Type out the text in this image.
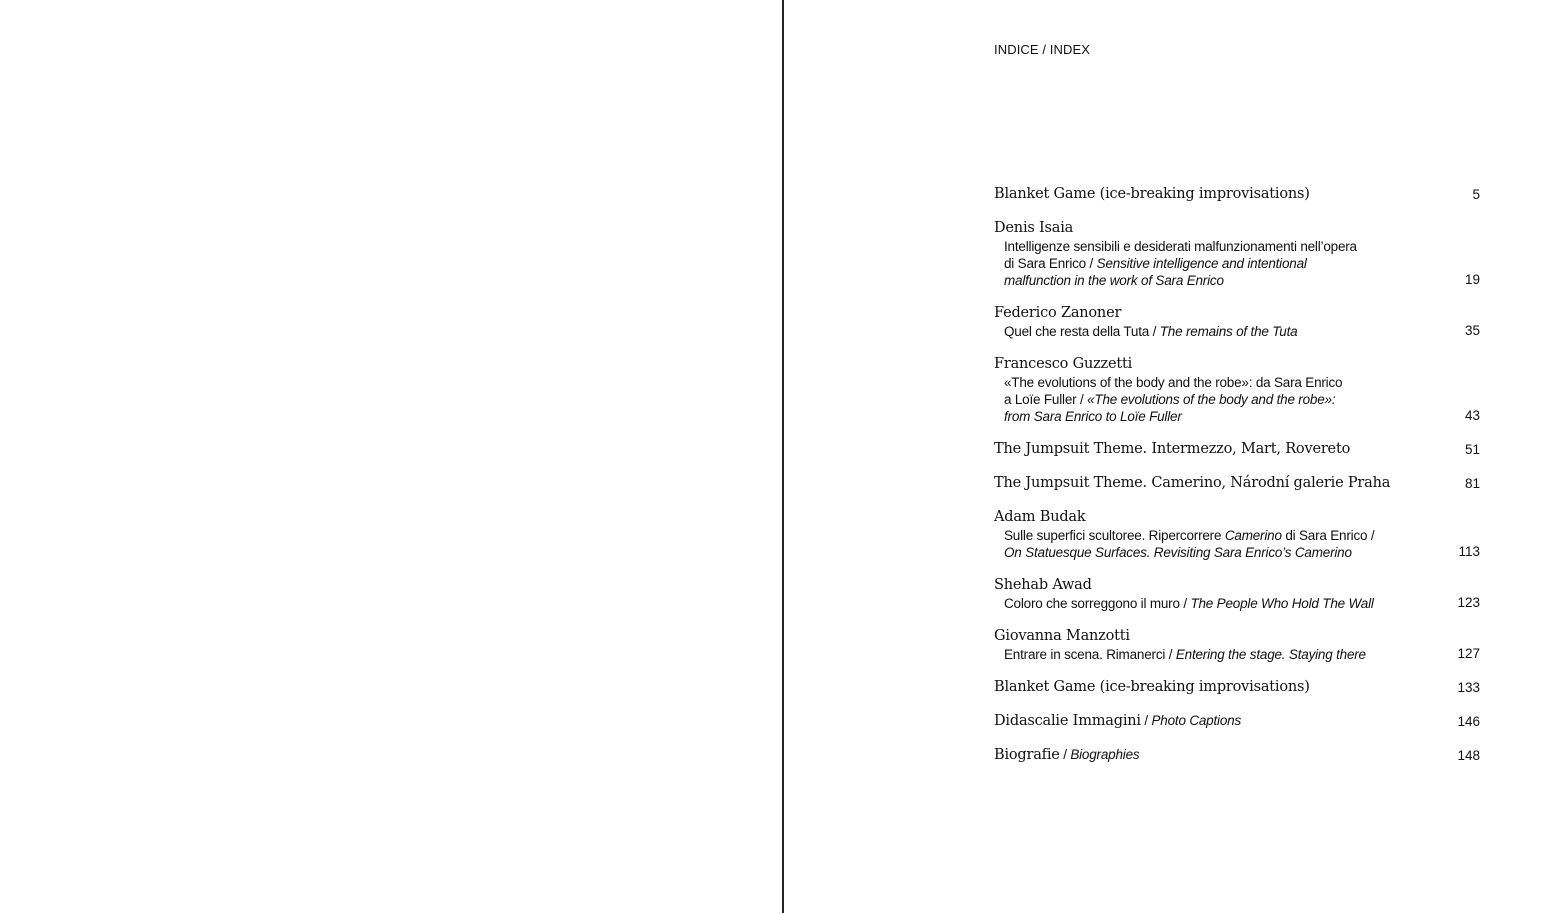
INDICE / INDEX
Blanket Game (ice-breaking improvisations)	5
Denis Isaia
Intelligenze sensibili e desiderati malfunzionamenti nell’opera
di Sara Enrico / Sensitive intelligence and intentional
malfunction in the work of Sara Enrico	19
Federico Zanoner
Quel che resta della Tuta / The remains of the Tuta	35
Francesco Guzzetti
«The evolutions of the body and the robe»: da Sara Enrico
a Loïe Fuller / «The evolutions of the body and the robe»:
from Sara Enrico to Loïe Fuller	43
The Jumpsuit Theme. Intermezzo, Mart, Rovereto	51
The Jumpsuit Theme. Camerino, Národní galerie Praha	81
Adam Budak
Sulle superfici scultoree. Ripercorrere Camerino di Sara Enrico /
On Statuesque Surfaces. Revisiting Sara Enrico’s Camerino	113
Shehab Awad
Coloro che sorreggono il muro / The People Who Hold The Wall	123
Giovanna Manzotti
Entrare in scena. Rimanerci / Entering the stage. Staying there	127
Blanket Game (ice-breaking improvisations)	133
Didascalie Immagini / Photo Captions	146
Biografie / Biographies	148
